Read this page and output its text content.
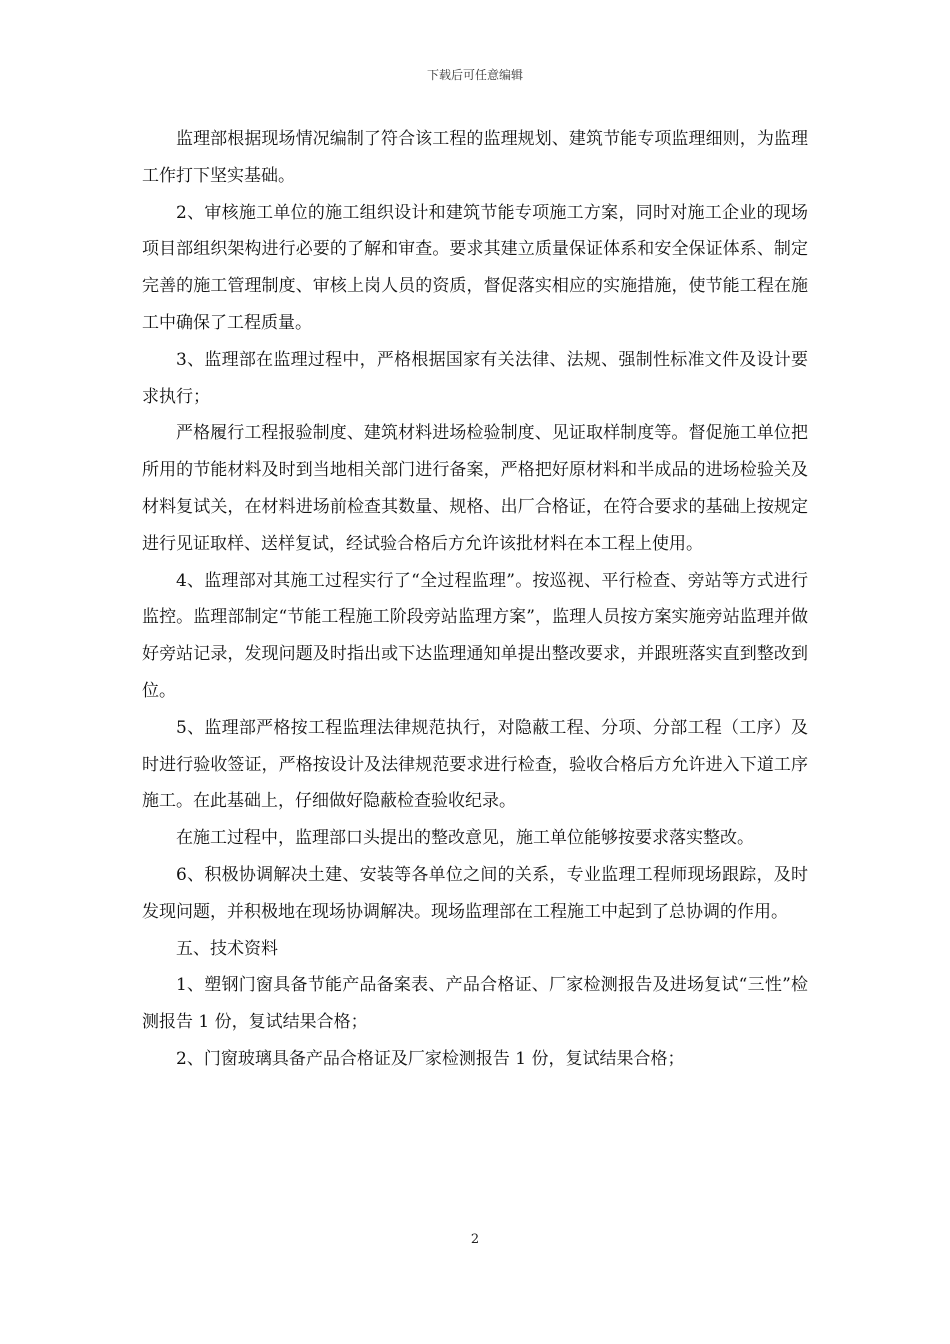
下载后可任意编辑

监理部根据现场情况编制了符合该工程的监理规划、建筑节能专项监理细则，为监理工作打下坚实基础。

2、审核施工单位的施工组织设计和建筑节能专项施工方案，同时对施工企业的现场项目部组织架构进行必要的了解和审查。要求其建立质量保证体系和安全保证体系、制定完善的施工管理制度、审核上岗人员的资质，督促落实相应的实施措施，使节能工程在施工中确保了工程质量。

3、监理部在监理过程中，严格根据国家有关法律、法规、强制性标准文件及设计要求执行；

严格履行工程报验制度、建筑材料进场检验制度、见证取样制度等。督促施工单位把所用的节能材料及时到当地相关部门进行备案，严格把好原材料和半成品的进场检验关及材料复试关，在材料进场前检查其数量、规格、出厂合格证，在符合要求的基础上按规定进行见证取样、送样复试，经试验合格后方允许该批材料在本工程上使用。

4、监理部对其施工过程实行了“全过程监理”。按巡视、平行检查、旁站等方式进行监控。监理部制定“节能工程施工阶段旁站监理方案”，监理人员按方案实施旁站监理并做好旁站记录，发现问题及时指出或下达监理通知单提出整改要求，并跟班落实直到整改到位。

5、监理部严格按工程监理法律规范执行，对隐蔽工程、分项、分部工程（工序）及时进行验收签证，严格按设计及法律规范要求进行检查，验收合格后方允许进入下道工序施工。在此基础上，仔细做好隐蔽检查验收纪录。

在施工过程中，监理部口头提出的整改意见，施工单位能够按要求落实整改。

6、积极协调解决土建、安装等各单位之间的关系，专业监理工程师现场跟踪，及时发现问题，并积极地在现场协调解决。现场监理部在工程施工中起到了总协调的作用。

五、技术资料

1、塑钢门窗具备节能产品备案表、产品合格证、厂家检测报告及进场复试“三性”检测报告 1 份，复试结果合格；

2、门窗玻璃具备产品合格证及厂家检测报告 1 份，复试结果合格；

2
